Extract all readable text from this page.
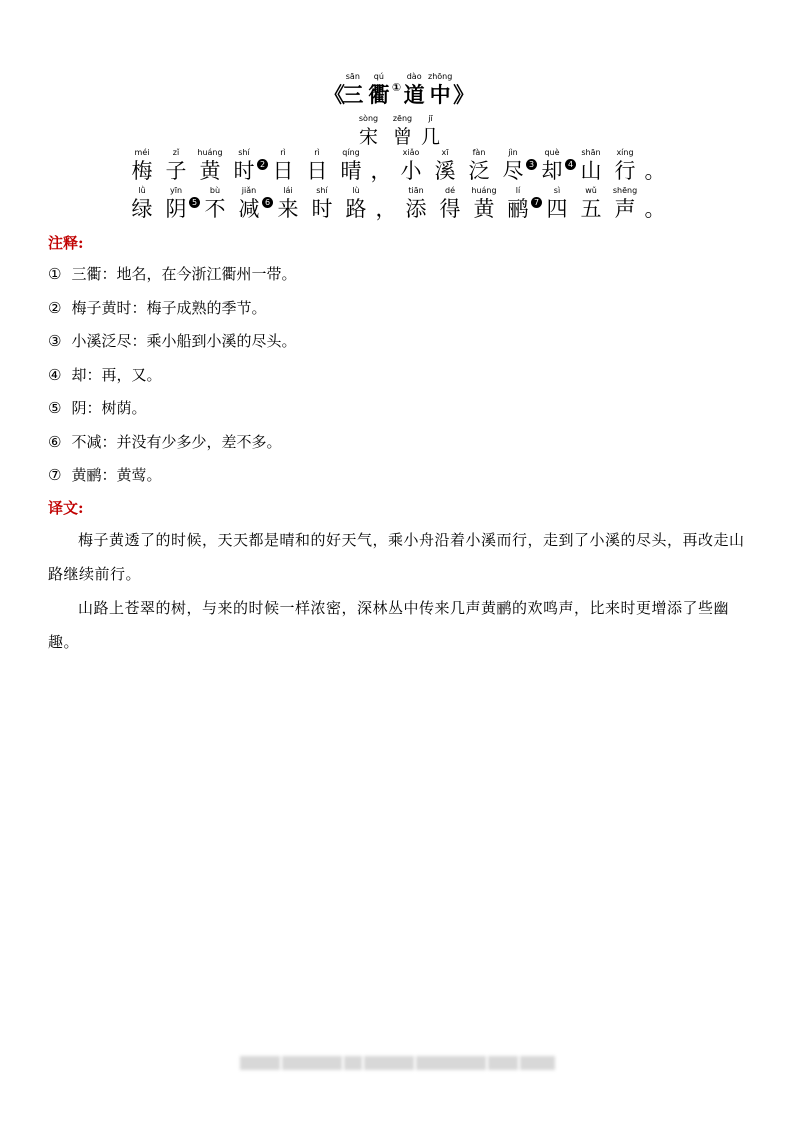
《
sān
三
qú
衢 ①
dào
道
zhōng
中 》
sòng
宋
zēng
曾
jī
几
méi
梅
zǐ
子
huáng
黄
shí
时 2
rì
日
rì
日
qíng
晴 ，
xiǎo
小
xī
溪
fàn
泛
jìn
尽 3
què
却 4
shān
山
xíng
行 。
lǜ
绿
yīn
阴 5
bù
不
jiǎn
减 6
lái
来
shí
时
lù
路 ，
tiān
添
dé
得
huáng
黄
lí
鹂 7
sì
四
wǔ
五
shēng
声 。
注释:
① 三衢：地名，在今浙江衢州一带。
② 梅子黄时：梅子成熟的季节。
③ 小溪泛尽：乘小船到小溪的尽头。
④ 却：再，又。
⑤ 阴：树荫。
⑥ 不减：并没有少多少，差不多。
⑦ 黄鹂：黄莺。
译文:
梅子黄透了的时候，天天都是晴和的好天气，乘小舟沿着小溪而行，走到了小溪的尽头，再改走山路继续前行。
山路上苍翠的树，与来的时候一样浓密，深林丛中传来几声黄鹂的欢鸣声，比来时更增添了些幽趣。
